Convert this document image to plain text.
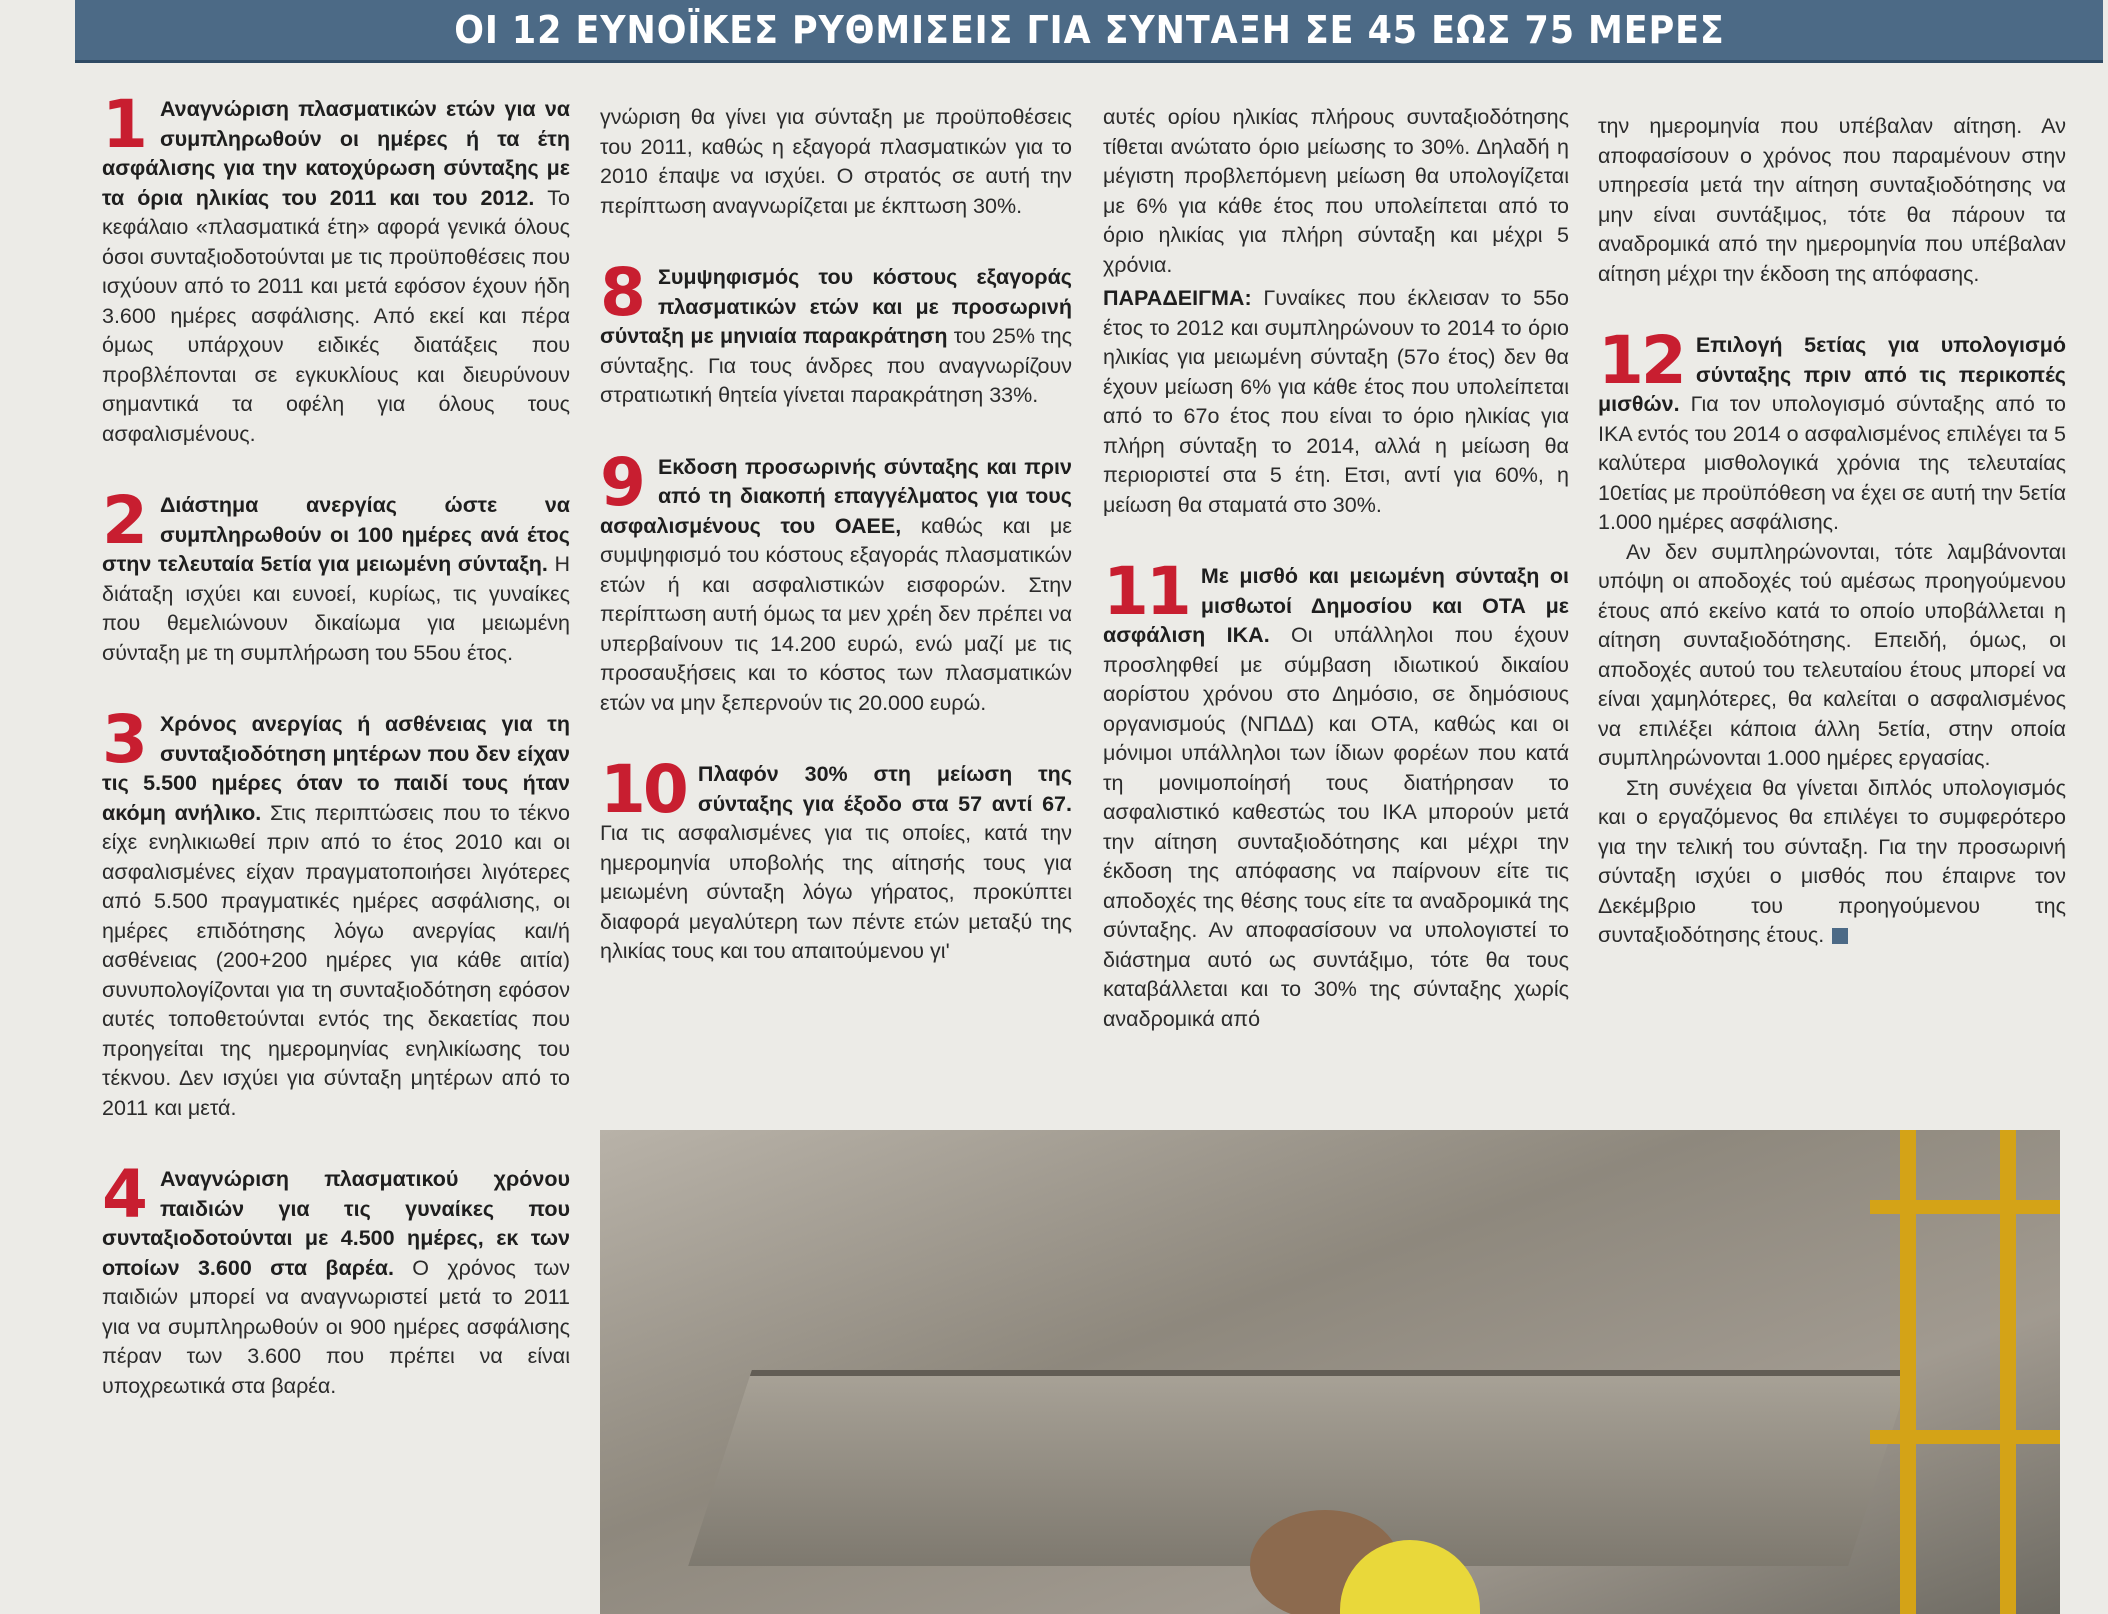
ΟΙ 12 ΕΥΝΟΪΚΕΣ ΡΥΘΜΙΣΕΙΣ ΓΙΑ ΣΥΝΤΑΞΗ ΣΕ 45 ΕΩΣ 75 ΜΕΡΕΣ
1 Αναγνώριση πλασματικών ετών για να συμπληρωθούν οι ημέρες ή τα έτη ασφάλισης για την κατοχύρωση σύνταξης με τα όρια ηλικίας του 2011 και του 2012. Το κεφάλαιο «πλασματικά έτη» αφορά γενικά όλους όσοι συνταξιοδοτούνται με τις προϋποθέσεις που ισχύουν από το 2011 και μετά εφόσον έχουν ήδη 3.600 ημέρες ασφάλισης. Από εκεί και πέρα όμως υπάρχουν ειδικές διατάξεις που προβλέπονται σε εγκυκλίους και διευρύνουν σημαντικά τα οφέλη για όλους τους ασφαλισμένους.
2 Διάστημα ανεργίας ώστε να συμπληρωθούν οι 100 ημέρες ανά έτος στην τελευταία 5ετία για μειωμένη σύνταξη. Η διάταξη ισχύει και ευνοεί, κυρίως, τις γυναίκες που θεμελιώνουν δικαίωμα για μειωμένη σύνταξη με τη συμπλήρωση του 55ου έτος.
3 Χρόνος ανεργίας ή ασθένειας για τη συνταξιοδότηση μητέρων που δεν είχαν τις 5.500 ημέρες όταν το παιδί τους ήταν ακόμη ανήλικο. Στις περιπτώσεις που το τέκνο είχε ενηλικιωθεί πριν από το έτος 2010 και οι ασφαλισμένες είχαν πραγματοποιήσει λιγότερες από 5.500 πραγματικές ημέρες ασφάλισης, οι ημέρες επιδότησης λόγω ανεργίας και/ή ασθένειας (200+200 ημέρες για κάθε αιτία) συνυπολογίζονται για τη συνταξιοδότηση εφόσον αυτές τοποθετούνται εντός της δεκαετίας που προηγείται της ημερομηνίας ενηλικίωσης του τέκνου. Δεν ισχύει για σύνταξη μητέρων από το 2011 και μετά.
4 Αναγνώριση πλασματικού χρόνου παιδιών για τις γυναίκες που συνταξιοδοτούνται με 4.500 ημέρες, εκ των οποίων 3.600 στα βαρέα. Ο χρόνος των παιδιών μπορεί να αναγνωριστεί μετά το 2011 για να συμπληρωθούν οι 900 ημέρες ασφάλισης πέραν των 3.600 που πρέπει να είναι υποχρεωτικά στα βαρέα.
γνώριση θα γίνει για σύνταξη με προϋποθέσεις του 2011, καθώς η εξαγορά πλασματικών για το 2010 έπαψε να ισχύει. Ο στρατός σε αυτή την περίπτωση αναγνωρίζεται με έκπτωση 30%.
8 Συμψηφισμός του κόστους εξαγοράς πλασματικών ετών και με προσωρινή σύνταξη με μηνιαία παρακράτηση του 25% της σύνταξης. Για τους άνδρες που αναγνωρίζουν στρατιωτική θητεία γίνεται παρακράτηση 33%.
9 Εκδοση προσωρινής σύνταξης και πριν από τη διακοπή επαγγέλματος για τους ασφαλισμένους του ΟΑΕΕ, καθώς και με συμψηφισμό του κόστους εξαγοράς πλασματικών ετών ή και ασφαλιστικών εισφορών. Στην περίπτωση αυτή όμως τα μεν χρέη δεν πρέπει να υπερβαίνουν τις 14.200 ευρώ, ενώ μαζί με τις προσαυξήσεις και το κόστος των πλασματικών ετών να μην ξεπερνούν τις 20.000 ευρώ.
10 Πλαφόν 30% στη μείωση της σύνταξης για έξοδο στα 57 αντί 67. Για τις ασφαλισμένες για τις οποίες, κατά την ημερομηνία υποβολής της αίτησής τους για μειωμένη σύνταξη λόγω γήρατος, προκύπτει διαφορά μεγαλύτερη των πέντε ετών μεταξύ της ηλικίας τους και του απαιτούμενου γι'
αυτές ορίου ηλικίας πλήρους συνταξιοδότησης τίθεται ανώτατο όριο μείωσης το 30%. Δηλαδή η μέγιστη προβλεπόμενη μείωση θα υπολογίζεται με 6% για κάθε έτος που υπολείπεται από το όριο ηλικίας για πλήρη σύνταξη και μέχρι 5 χρόνια.
ΠΑΡΑΔΕΙΓΜΑ: Γυναίκες που έκλεισαν το 55ο έτος το 2012 και συμπληρώνουν το 2014 το όριο ηλικίας για μειωμένη σύνταξη (57ο έτος) δεν θα έχουν μείωση 6% για κάθε έτος που υπολείπεται από το 67ο έτος που είναι το όριο ηλικίας για πλήρη σύνταξη το 2014, αλλά η μείωση θα περιοριστεί στα 5 έτη. Ετσι, αντί για 60%, η μείωση θα σταματά στο 30%.
11 Με μισθό και μειωμένη σύνταξη οι μισθωτοί Δημοσίου και ΟΤΑ με ασφάλιση ΙΚΑ. Οι υπάλληλοι που έχουν προσληφθεί με σύμβαση ιδιωτικού δικαίου αορίστου χρόνου στο Δημόσιο, σε δημόσιους οργανισμούς (ΝΠΔΔ) και ΟΤΑ, καθώς και οι μόνιμοι υπάλληλοι των ίδιων φορέων που κατά τη μονιμοποίησή τους διατήρησαν το ασφαλιστικό καθεστώς του ΙΚΑ μπορούν μετά την αίτηση συνταξιοδότησης και μέχρι την έκδοση της απόφασης να παίρνουν είτε τις αποδοχές της θέσης τους είτε τα αναδρομικά της σύνταξης. Αν αποφασίσουν να υπολογιστεί το διάστημα αυτό ως συντάξιμο, τότε θα τους καταβάλλεται και το 30% της σύνταξης χωρίς αναδρομικά από
την ημερομηνία που υπέβαλαν αίτηση. Αν αποφασίσουν ο χρόνος που παραμένουν στην υπηρεσία μετά την αίτηση συνταξιοδότησης να μην είναι συντάξιμος, τότε θα πάρουν τα αναδρομικά από την ημερομηνία που υπέβαλαν αίτηση μέχρι την έκδοση της απόφασης.
12 Επιλογή 5ετίας για υπολογισμό σύνταξης πριν από τις περικοπές μισθών. Για τον υπολογισμό σύνταξης από το ΙΚΑ εντός του 2014 ο ασφαλισμένος επιλέγει τα 5 καλύτερα μισθολογικά χρόνια της τελευταίας 10ετίας με προϋπόθεση να έχει σε αυτή την 5ετία 1.000 ημέρες ασφάλισης.

Αν δεν συμπληρώνονται, τότε λαμβάνονται υπόψη οι αποδοχές τού αμέσως προηγούμενου έτους από εκείνο κατά το οποίο υποβάλλεται η αίτηση συνταξιοδότησης. Επειδή, όμως, οι αποδοχές αυτού του τελευταίου έτους μπορεί να είναι χαμηλότερες, θα καλείται ο ασφαλισμένος να επιλέξει κάποια άλλη 5ετία, στην οποία συμπληρώνονται 1.000 ημέρες εργασίας.

Στη συνέχεια θα γίνεται διπλός υπολογισμός και ο εργαζόμενος θα επιλέγει το συμφερότερο για την τελική του σύνταξη. Για την προσωρινή σύνταξη ισχύει ο μισθός που έπαιρνε τον Δεκέμβριο του προηγούμενου της συνταξιοδότησης έτους.
